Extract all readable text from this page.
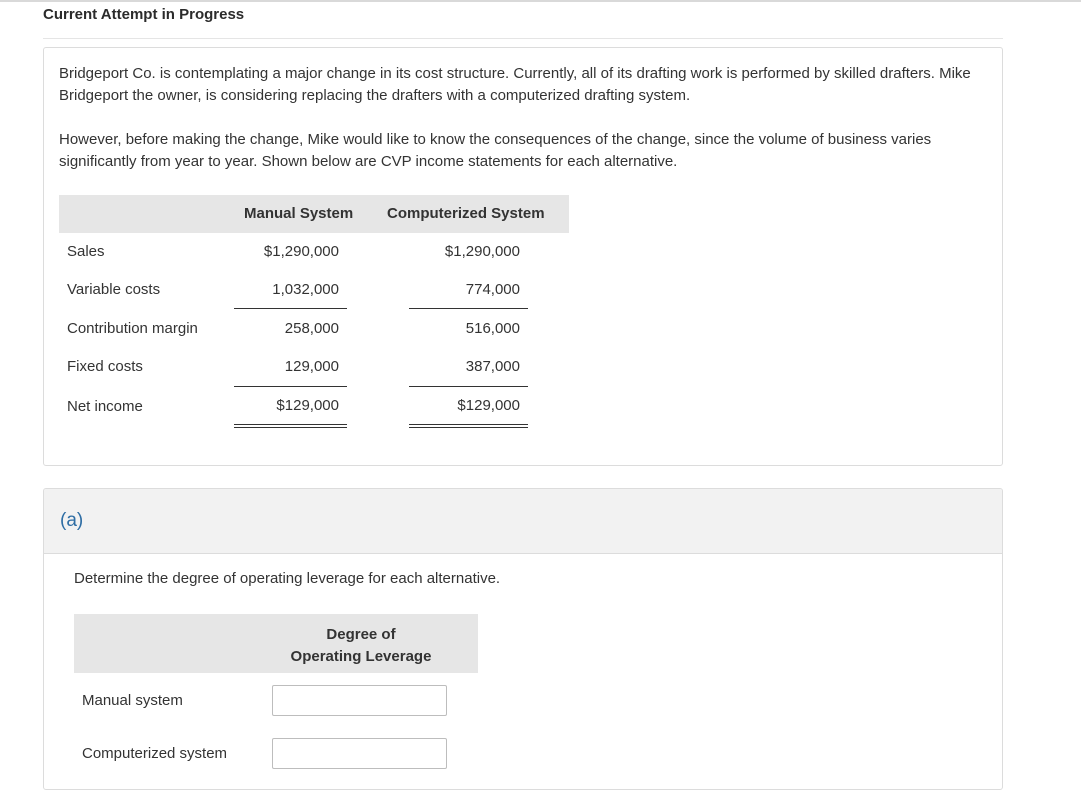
Current Attempt in Progress
Bridgeport Co. is contemplating a major change in its cost structure. Currently, all of its drafting work is performed by skilled drafters. Mike Bridgeport the owner, is considering replacing the drafters with a computerized drafting system.
However, before making the change, Mike would like to know the consequences of the change, since the volume of business varies significantly from year to year. Shown below are CVP income statements for each alternative.
Manual System Computerized System
Sales	$1,290,000	$1,290,000
Variable costs	1,032,000	774,000
Contribution margin	258,000	516,000
Fixed costs	129,000	387,000
Net income	$129,000	$129,000
(a)
Determine the degree of operating leverage for each alternative.
Degree of
Operating Leverage
Manual system
Computerized system
